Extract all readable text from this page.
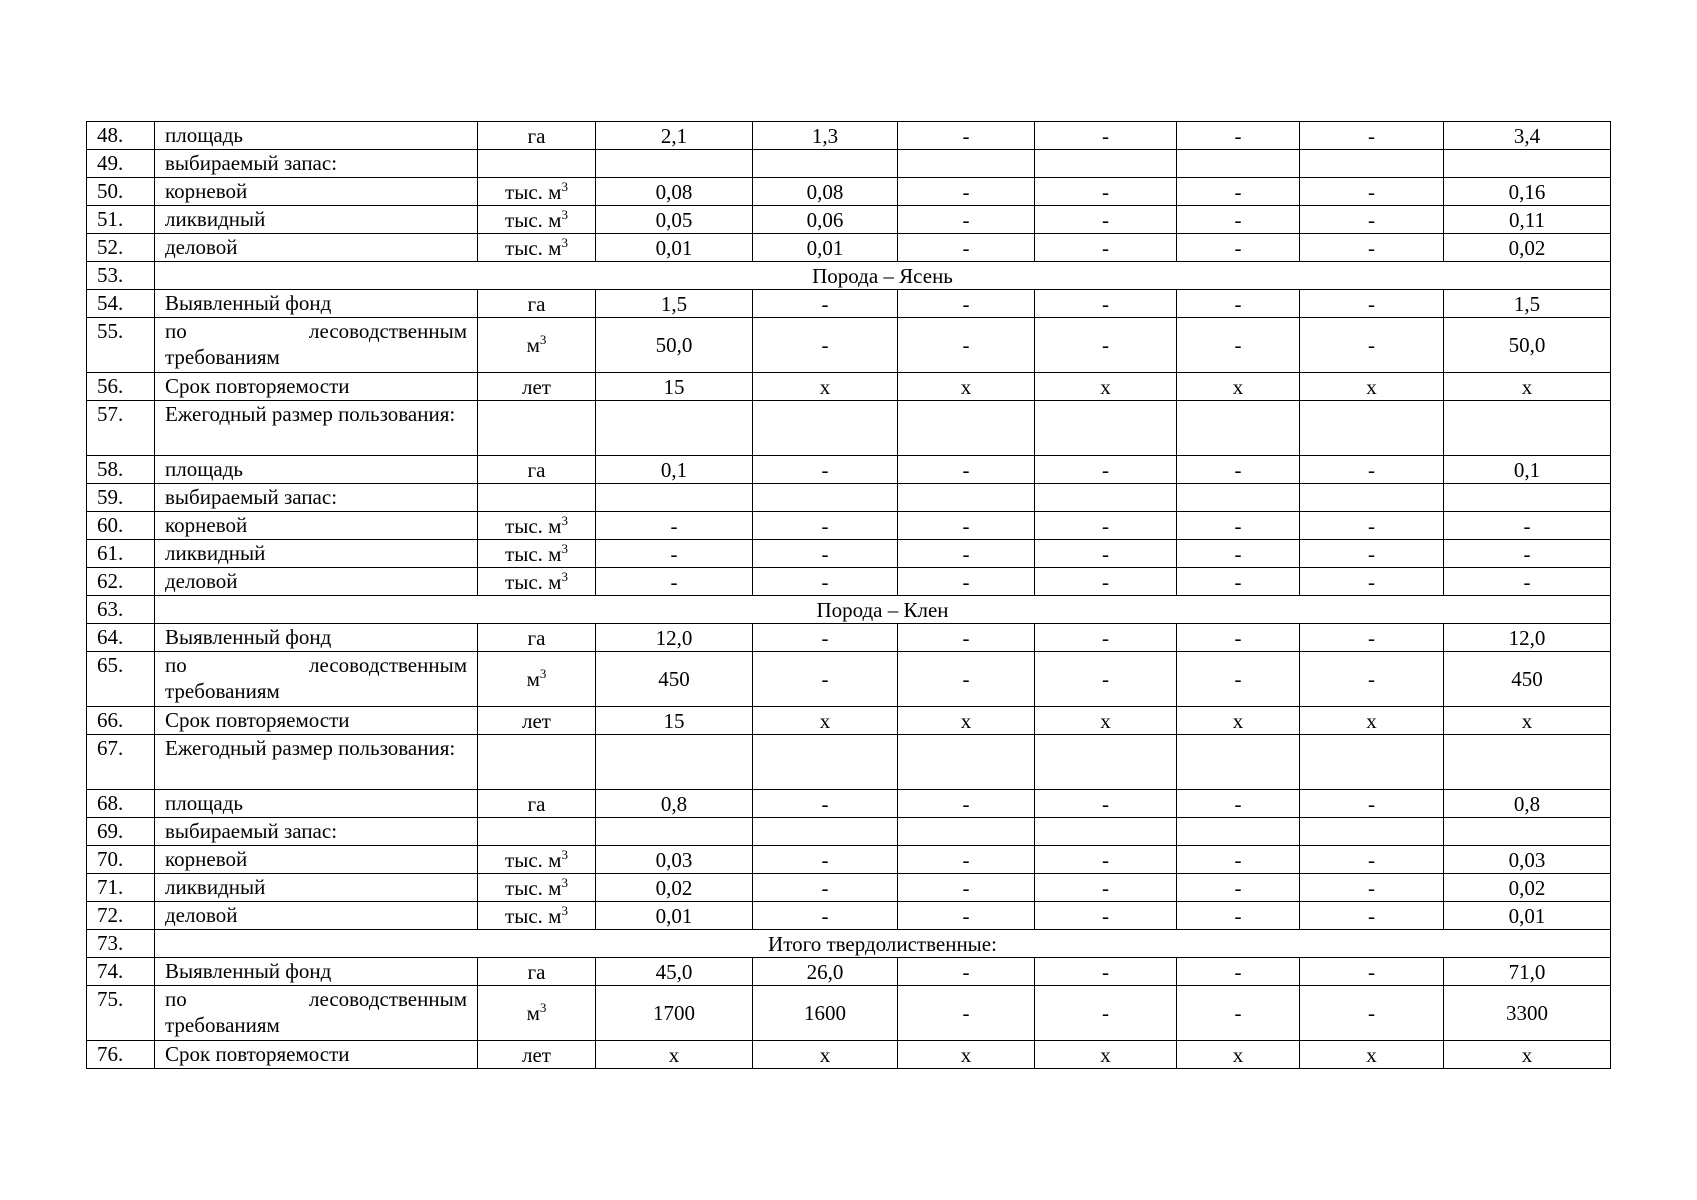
48.	площадь	га	2,1	1,3	-	-	-	-	3,4
49.	выбираемый запас:								
50.	корневой	тыс. $м^3$	0,08	0,08	-	-	-	-	0,16
51.	ликвидный	тыс. $м^3$	0,05	0,06	-	-	-	-	0,11
52.	деловой	тыс. $м^3$	0,01	0,01	-	-	-	-	0,02
53.	Порода – Ясень								
54.	Выявленный фонд	га	1,5	-	-	-	-	-	1,5
55.	по лесоводственным требованиям	$м^3$	50,0	-	-	-	-	-	50,0
56.	Срок повторяемости	лет	15	х	х	х	х	х	х
57.	Ежегодный размер пользования:								
58.	площадь	га	0,1	-	-	-	-	-	0,1
59.	выбираемый запас:								
60.	корневой	тыс. $м^3$	-	-	-	-	-	-	-
61.	ликвидный	тыс. $м^3$	-	-	-	-	-	-	-
62.	деловой	тыс. $м^3$	-	-	-	-	-	-	-
63.	Порода – Клен								
64.	Выявленный фонд	га	12,0	-	-	-	-	-	12,0
65.	по лесоводственным требованиям	$м^3$	450	-	-	-	-	-	450
66.	Срок повторяемости	лет	15	х	х	х	х	х	х
67.	Ежегодный размер пользования:								
68.	площадь	га	0,8	-	-	-	-	-	0,8
69.	выбираемый запас:								
70.	корневой	тыс. $м^3$	0,03	-	-	-	-	-	0,03
71.	ликвидный	тыс. $м^3$	0,02	-	-	-	-	-	0,02
72.	деловой	тыс. $м^3$	0,01	-	-	-	-	-	0,01
73.	Итого твердолиственные:								
74.	Выявленный фонд	га	45,0	26,0	-	-	-	-	71,0
75.	по лесоводственным требованиям	$м^3$	1700	1600	-	-	-	-	3300
76.	Срок повторяемости	лет	х	х	х	х	х	х	х
